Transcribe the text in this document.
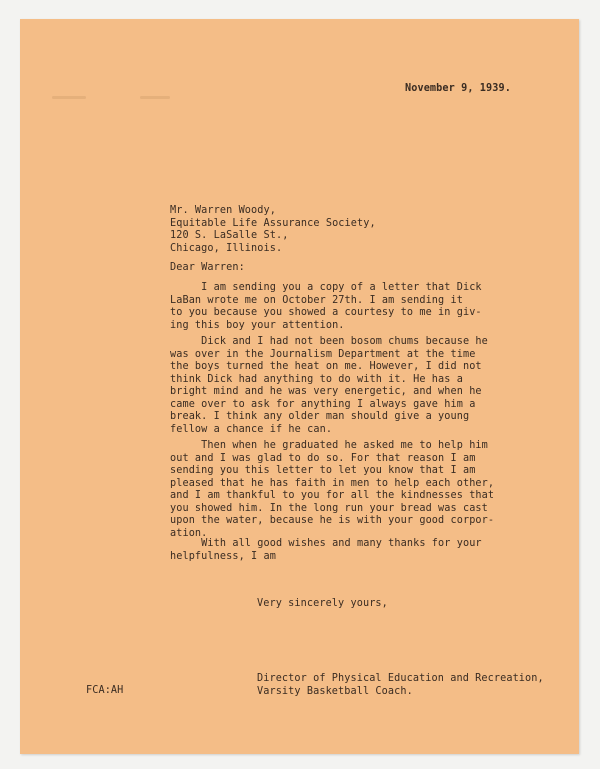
November 9, 1939.

Mr. Warren Woody,
Equitable Life Assurance Society,
120 S. LaSalle St.,
Chicago, Illinois.

Dear Warren:

I am sending you a copy of a letter that Dick
LaBan wrote me on October 27th. I am sending it
to you because you showed a courtesy to me in giv-
ing this boy your attention.

Dick and I had not been bosom chums because he
was over in the Journalism Department at the time
the boys turned the heat on me. However, I did not
think Dick had anything to do with it. He has a
bright mind and he was very energetic, and when he
came over to ask for anything I always gave him a
break. I think any older man should give a young
fellow a chance if he can.

Then when he graduated he asked me to help him
out and I was glad to do so. For that reason I am
sending you this letter to let you know that I am
pleased that he has faith in men to help each other,
and I am thankful to you for all the kindnesses that
you showed him. In the long run your bread was cast
upon the water, because he is with your good corpor-
ation.

With all good wishes and many thanks for your
helpfulness, I am

Very sincerely yours,

Director of Physical Education and Recreation,
Varsity Basketball Coach.

FCA:AH
